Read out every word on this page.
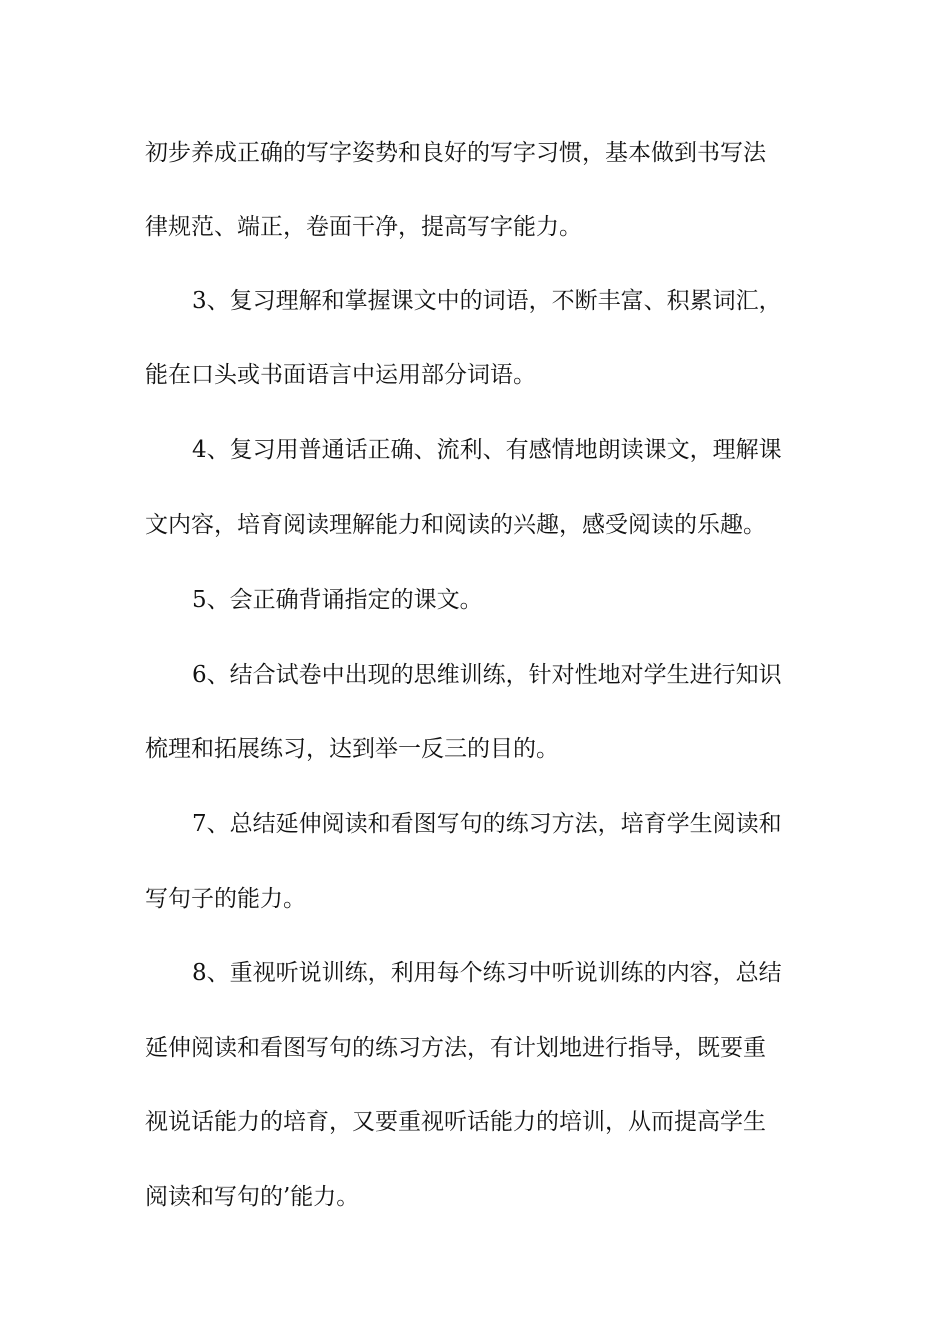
初步养成正确的写字姿势和良好的写字习惯，基本做到书写法

律规范、端正，卷面干净，提高写字能力。

3、复习理解和掌握课文中的词语，不断丰富、积累词汇，

能在口头或书面语言中运用部分词语。

4、复习用普通话正确、流利、有感情地朗读课文，理解课

文内容，培育阅读理解能力和阅读的兴趣，感受阅读的乐趣。

5、会正确背诵指定的课文。

6、结合试卷中出现的思维训练，针对性地对学生进行知识

梳理和拓展练习，达到举一反三的目的。

7、总结延伸阅读和看图写句的练习方法，培育学生阅读和

写句子的能力。

8、重视听说训练，利用每个练习中听说训练的内容，总结

延伸阅读和看图写句的练习方法，有计划地进行指导，既要重

视说话能力的培育，又要重视听话能力的培训，从而提高学生

阅读和写句的’能力。
